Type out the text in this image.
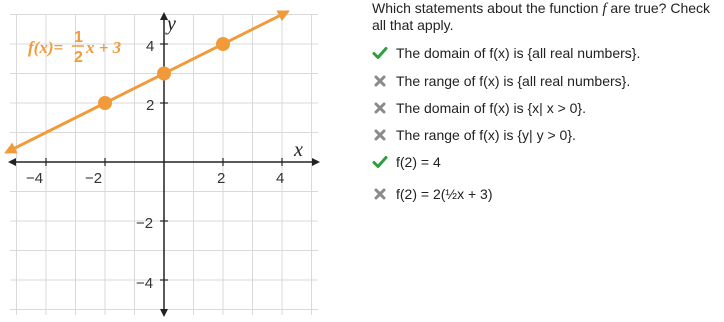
y
x
−4	−2	2	4
4
2
−2
−4
f(x)=
1
2
x + 3

Which statements about the function f are true? Check all that apply.

The domain of f(x) is {all real numbers}.
The range of f(x) is {all real numbers}.
The domain of f(x) is {x| x > 0}.
The range of f(x) is {y| y > 0}.
f(2) = 4
f(2) = 2(½x + 3)
